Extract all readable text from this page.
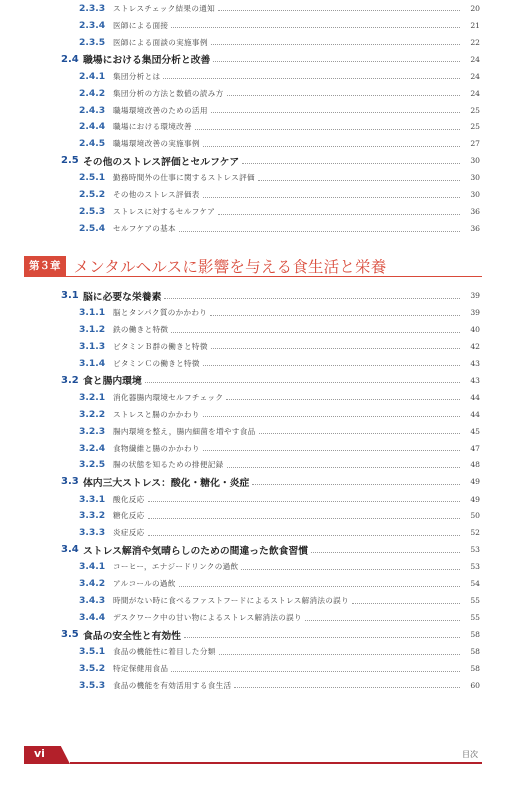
2.3.3	ストレスチェック結果の通知	20
2.3.4	医師による面接	21
2.3.5	医師による面談の実施事例	22
2.4 職場における集団分析と改善	24
2.4.1	集団分析とは	24
2.4.2	集団分析の方法と数値の読み方	24
2.4.3	職場環境改善のための活用	25
2.4.4	職場における環境改善	25
2.4.5	職場環境改善の実施事例	27
2.5 その他のストレス評価とセルフケア	30
2.5.1	勤務時間外の仕事に関するストレス評価	30
2.5.2	その他のストレス評価表	30
2.5.3	ストレスに対するセルフケア	36
2.5.4	セルフケアの基本	36
第３章 メンタルヘルスに影響を与える食生活と栄養
3.1 脳に必要な栄養素	39
3.1.1	脳とタンパク質のかかわり	39
3.1.2	鉄の働きと特徴	40
3.1.3	ビタミンＢ群の働きと特徴	42
3.1.4	ビタミンＣの働きと特徴	43
3.2 食と腸内環境	43
3.2.1	消化器腸内環境セルフチェック	44
3.2.2	ストレスと腸のかかわり	44
3.2.3	腸内環境を整え，腸内細菌を増やす食品	45
3.2.4	食物繊維と腸のかかわり	47
3.2.5	腸の状態を知るための排便記録	48
3.3 体内三大ストレス：酸化・糖化・炎症	49
3.3.1	酸化反応	49
3.3.2	糖化反応	50
3.3.3	炎症反応	52
3.4 ストレス解消や気晴らしのための間違った飲食習慣	53
3.4.1	コーヒー，エナジードリンクの過飲	53
3.4.2	アルコールの過飲	54
3.4.3	時間がない時に食べるファストフードによるストレス解消法の誤り	55
3.4.4	デスクワーク中の甘い物によるストレス解消法の誤り	55
3.5 食品の安全性と有効性	58
3.5.1	食品の機能性に着目した分類	58
3.5.2	特定保健用食品	58
3.5.3	食品の機能を有効活用する食生活	60
vi	目次
